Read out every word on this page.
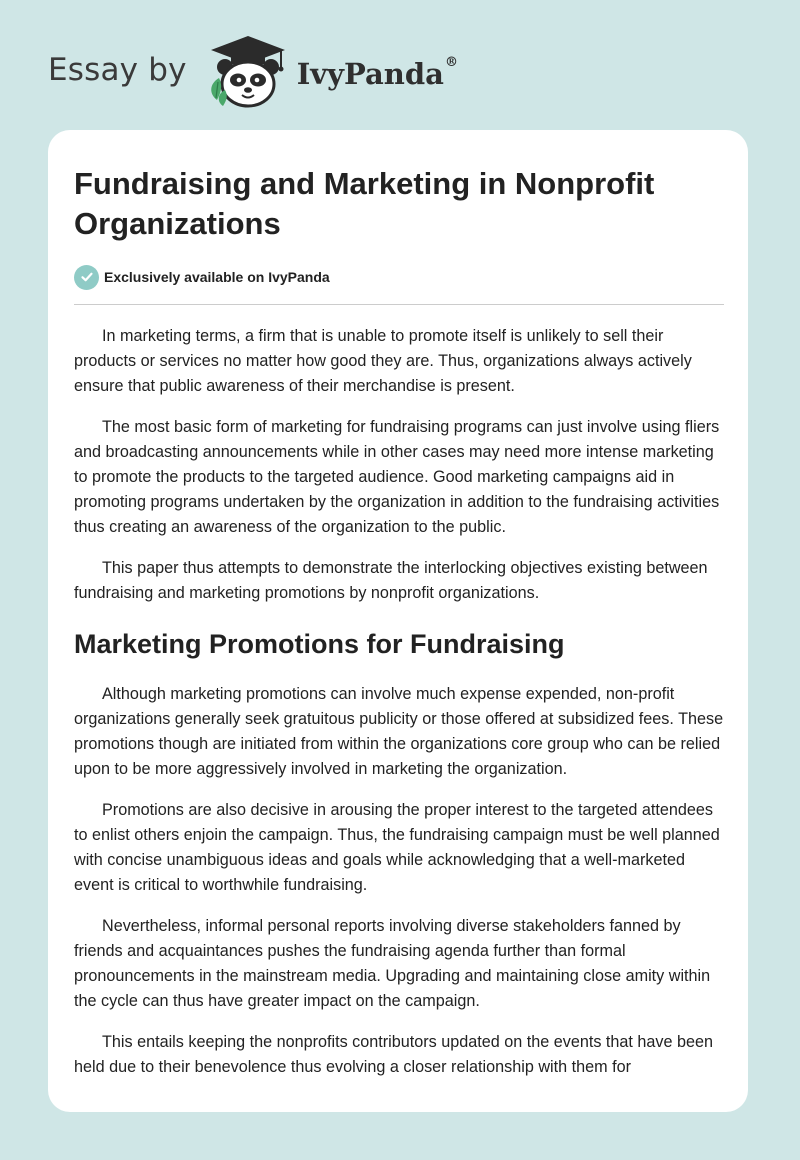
Essay by	IvyPanda®
Fundraising and Marketing in Nonprofit Organizations
Exclusively available on IvyPanda

In marketing terms, a firm that is unable to promote itself is unlikely to sell their products or services no matter how good they are. Thus, organizations always actively ensure that public awareness of their merchandise is present.

The most basic form of marketing for fundraising programs can just involve using fliers and broadcasting announcements while in other cases may need more intense marketing to promote the products to the targeted audience. Good marketing campaigns aid in promoting programs undertaken by the organization in addition to the fundraising activities thus creating an awareness of the organization to the public.

This paper thus attempts to demonstrate the interlocking objectives existing between fundraising and marketing promotions by nonprofit organizations.

Marketing Promotions for Fundraising

Although marketing promotions can involve much expense expended, non-profit organizations generally seek gratuitous publicity or those offered at subsidized fees. These promotions though are initiated from within the organizations core group who can be relied upon to be more aggressively involved in marketing the organization.

Promotions are also decisive in arousing the proper interest to the targeted attendees to enlist others enjoin the campaign. Thus, the fundraising campaign must be well planned with concise unambiguous ideas and goals while acknowledging that a well-marketed event is critical to worthwhile fundraising.

Nevertheless, informal personal reports involving diverse stakeholders fanned by friends and acquaintances pushes the fundraising agenda further than formal pronouncements in the mainstream media. Upgrading and maintaining close amity within the cycle can thus have greater impact on the campaign.

This entails keeping the nonprofits contributors updated on the events that have been held due to their benevolence thus evolving a closer relationship with them for
